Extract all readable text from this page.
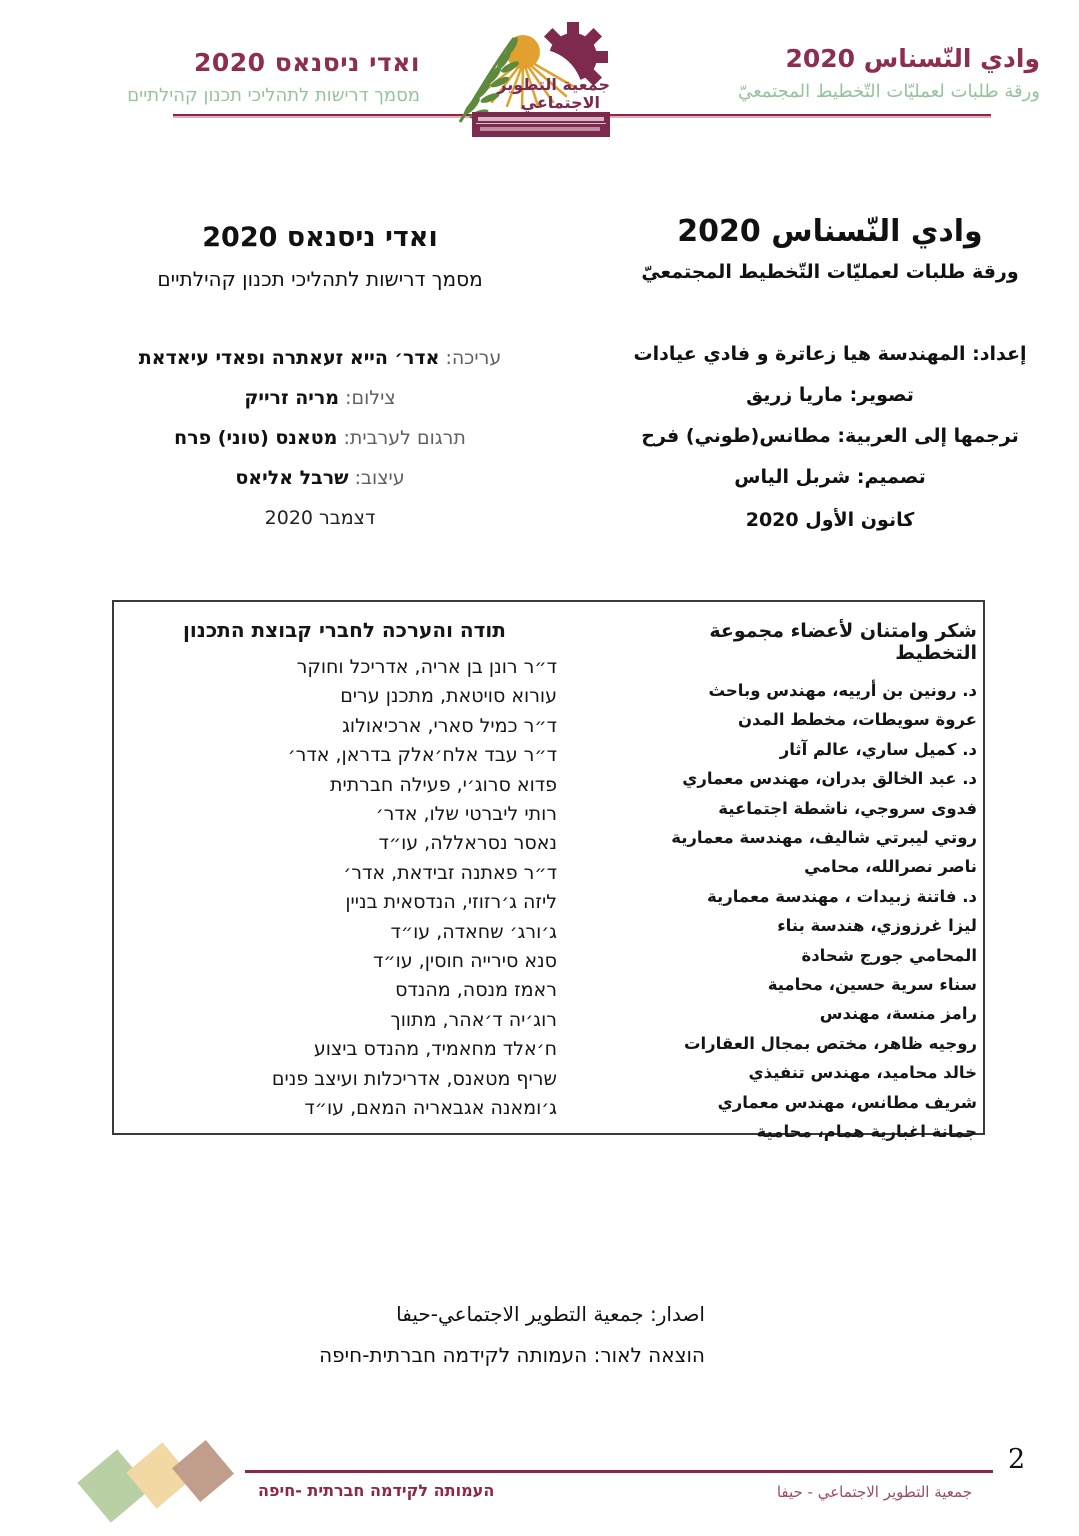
ואדי ניסנאס 2020
מסמך דרישות לתהליכי תכנון קהילתיים
وادي النّسناس 2020
ورقة طلبات لعمليّات التّخطيط المجتمعيّ
جمعية التطوير
الاجتماعي
ואדי ניסנאס 2020
מסמך דרישות לתהליכי תכנון קהילתיים
وادي النّسناس 2020
ورقة طلبات لعمليّات التّخطيط المجتمعيّ
עריכה: אדר׳ הייא זעאתרה ופאדי עיאדאת
צילום: מריה זרייק
תרגום לערבית: מטאנס (טוני) פרח
עיצוב: שרבל אליאס
דצמבר 2020
إعداد: المهندسة هيا زعاترة و فادي عيادات
تصوير: ماريا زريق
ترجمها إلى العربية: مطانس(طوني) فرح
تصميم: شربل الياس
كانون الأول 2020
תודה והערכה לחברי קבוצת התכנון
ד״ר רונן בן אריה, אדריכל וחוקר
עורוא סויטאת, מתכנן ערים
ד״ר כמיל סארי, ארכיאולוג
ד״ר עבד אלח׳אלק בדראן, אדר׳
פדוא סרוג׳י, פעילה חברתית
רותי ליברטי שלו, אדר׳
נאסר נסראללה, עו״ד
ד״ר פאתנה זבידאת, אדר׳
ליזה ג׳רזוזי, הנדסאית בניין
ג׳ורג׳ שחאדה, עו״ד
סנא סירייה חוסין, עו״ד
ראמז מנסה, מהנדס
רוג׳יה ד׳אהר, מתווך
ח׳אלד מחאמיד, מהנדס ביצוע
שריף מטאנס, אדריכלות ועיצב פנים
ג׳ומאנה אגבאריה המאם, עו״ד
شكر وامتنان لأعضاء مجموعة التخطيط
د. رونين بن أرييه، مهندس وباحث
عروة سويطات، مخطط المدن
د. كميل ساري، عالم آثار
د. عبد الخالق بدران، مهندس معماري
فدوى سروجي، ناشطة اجتماعية
روتي ليبرتي شاليف، مهندسة معمارية
ناصر نصرالله، محامي
د. فاتنة زبيدات ، مهندسة معمارية
ليزا غرزوزي، هندسة بناء
المحامي جورج شحادة
سناء سرية حسين، محامية
رامز منسة، مهندس
روجيه ظاهر، مختص بمجال العقارات
خالد محاميد، مهندس تنفيذي
شريف مطانس، مهندس معماري
جمانة اغبارية همام، محامية
اصدار: جمعية التطوير الاجتماعي-حيفا
הוצאה לאור: העמותה לקידמה חברתית-חיפה
2
העמותה לקידמה חברתית -חיפה	جمعية التطوير الاجتماعي - حيفا
